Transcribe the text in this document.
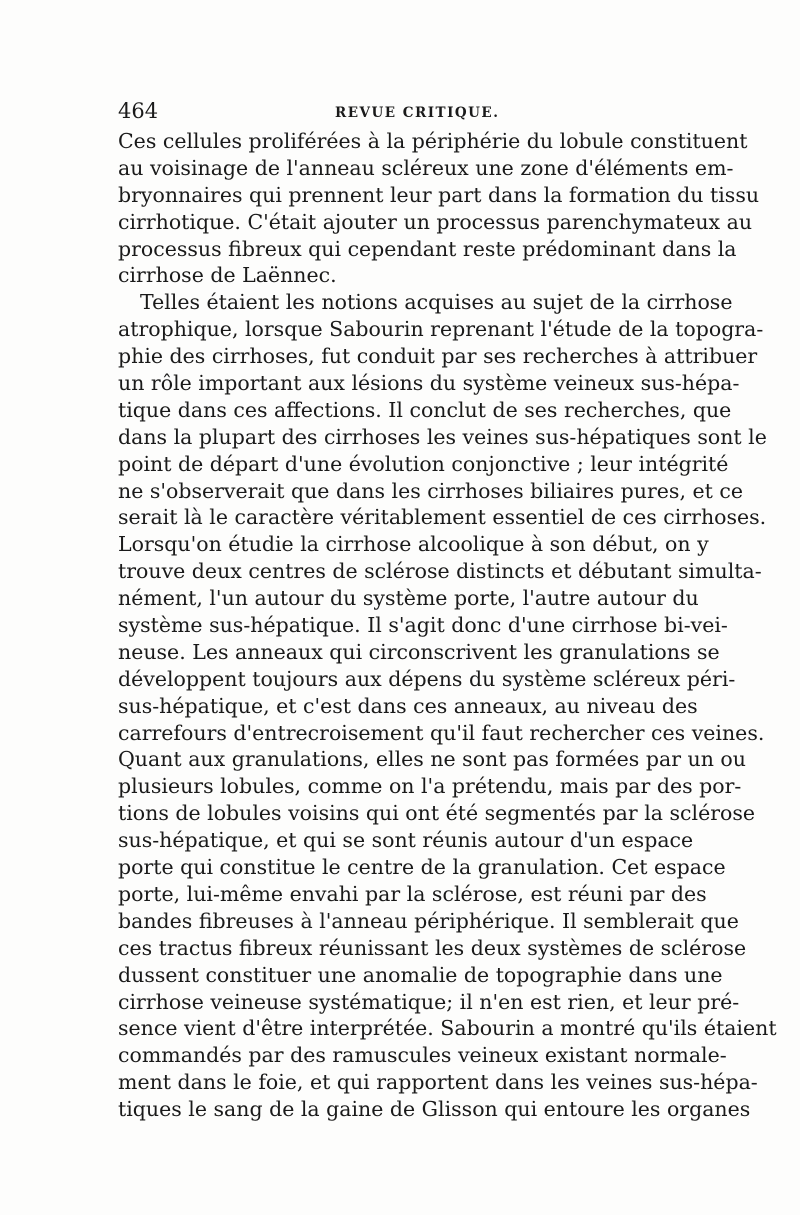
464	REVUE CRITIQUE.
Ces cellules proliférées à la périphérie du lobule constituent
au voisinage de l'anneau scléreux une zone d'éléments em-
bryonnaires qui prennent leur part dans la formation du tissu
cirrhotique. C'était ajouter un processus parenchymateux au
processus fibreux qui cependant reste prédominant dans la
cirrhose de Laënnec.
Telles étaient les notions acquises au sujet de la cirrhose
atrophique, lorsque Sabourin reprenant l'étude de la topogra-
phie des cirrhoses, fut conduit par ses recherches à attribuer
un rôle important aux lésions du système veineux sus-hépa-
tique dans ces affections. Il conclut de ses recherches, que
dans la plupart des cirrhoses les veines sus-hépatiques sont le
point de départ d'une évolution conjonctive ; leur intégrité
ne s'observerait que dans les cirrhoses biliaires pures, et ce
serait là le caractère véritablement essentiel de ces cirrhoses.
Lorsqu'on étudie la cirrhose alcoolique à son début, on y
trouve deux centres de sclérose distincts et débutant simulta-
nément, l'un autour du système porte, l'autre autour du
système sus-hépatique. Il s'agit donc d'une cirrhose bi-vei-
neuse. Les anneaux qui circonscrivent les granulations se
développent toujours aux dépens du système scléreux péri-
sus-hépatique, et c'est dans ces anneaux, au niveau des
carrefours d'entrecroisement qu'il faut rechercher ces veines.
Quant aux granulations, elles ne sont pas formées par un ou
plusieurs lobules, comme on l'a prétendu, mais par des por-
tions de lobules voisins qui ont été segmentés par la sclérose
sus-hépatique, et qui se sont réunis autour d'un espace
porte qui constitue le centre de la granulation. Cet espace
porte, lui-même envahi par la sclérose, est réuni par des
bandes fibreuses à l'anneau périphérique. Il semblerait que
ces tractus fibreux réunissant les deux systèmes de sclérose
dussent constituer une anomalie de topographie dans une
cirrhose veineuse systématique; il n'en est rien, et leur pré-
sence vient d'être interprétée. Sabourin a montré qu'ils étaient
commandés par des ramuscules veineux existant normale-
ment dans le foie, et qui rapportent dans les veines sus-hépa-
tiques le sang de la gaine de Glisson qui entoure les organes
